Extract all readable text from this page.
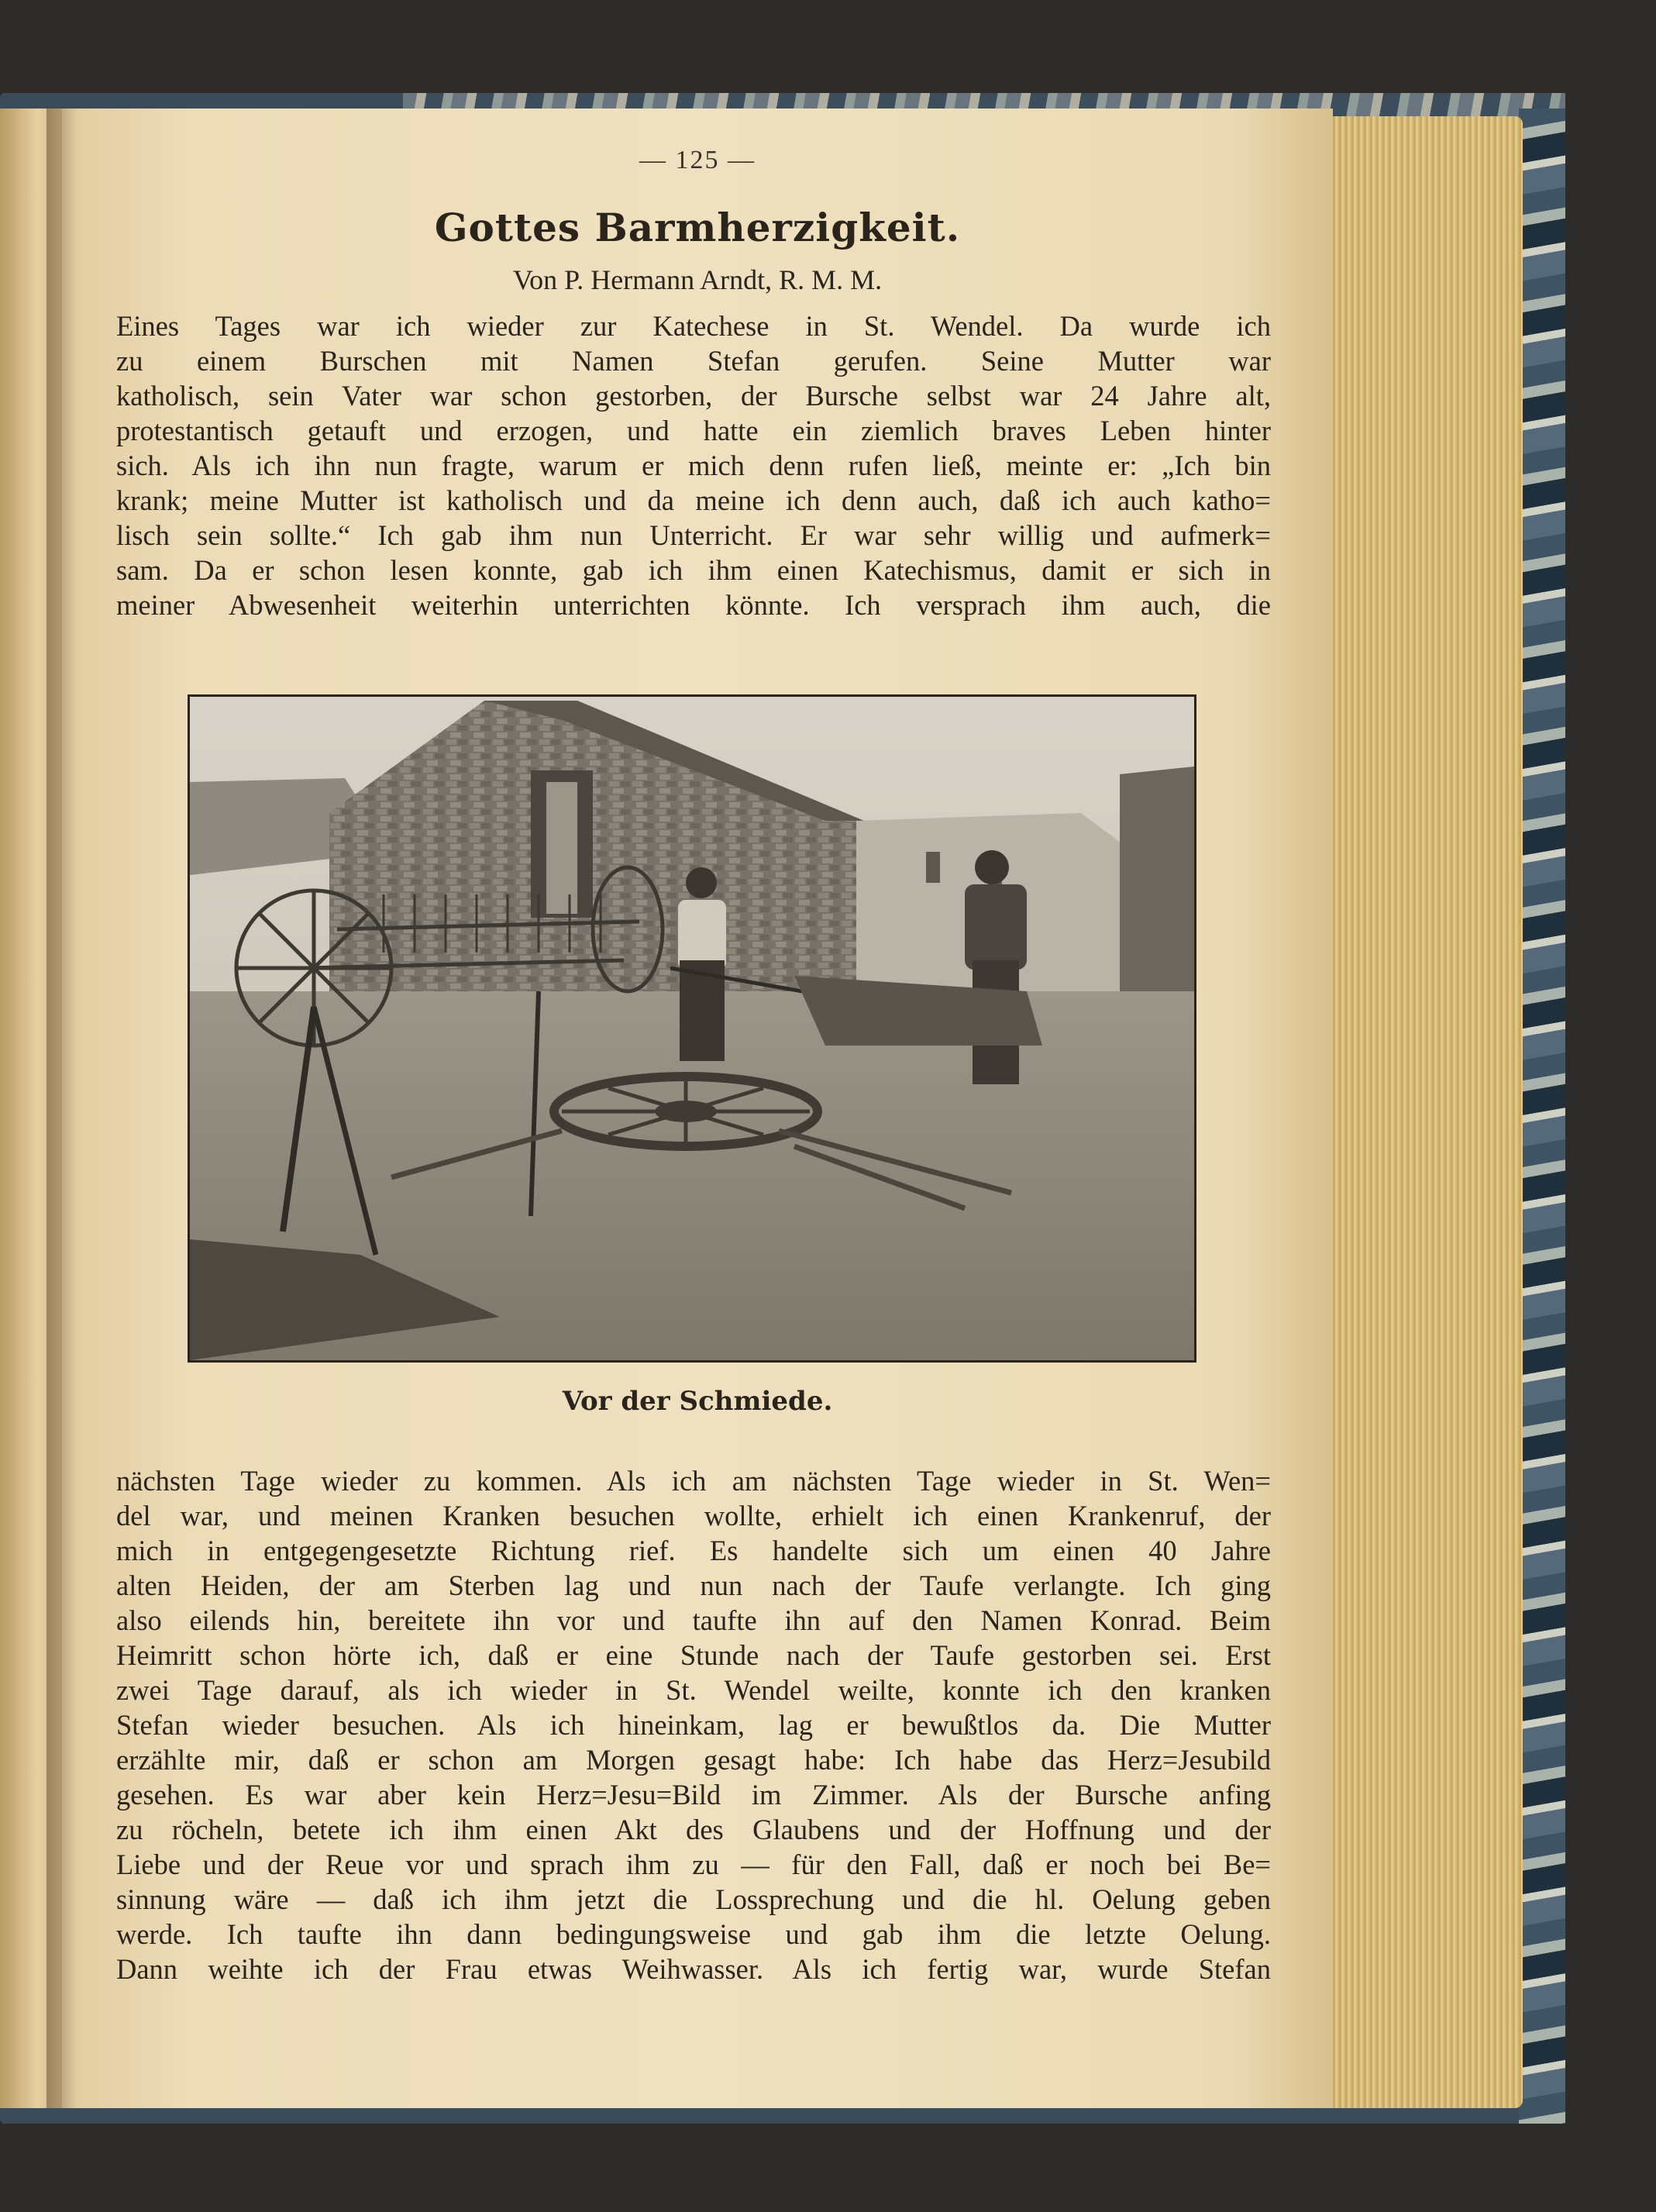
— 125 —
Gottes Barmherzigkeit.
Von P. Hermann Arndt, R. M. M.
Eines Tages war ich wieder zur Katechese in St. Wendel. Da wurde ich
zu einem Burschen mit Namen Stefan gerufen. Seine Mutter war
katholisch, sein Vater war schon gestorben, der Bursche selbst war 24 Jahre alt,
protestantisch getauft und erzogen, und hatte ein ziemlich braves Leben hinter
sich. Als ich ihn nun fragte, warum er mich denn rufen ließ, meinte er: „Ich bin
krank; meine Mutter ist katholisch und da meine ich denn auch, daß ich auch katho=
lisch sein sollte.“ Ich gab ihm nun Unterricht. Er war sehr willig und aufmerk=
sam. Da er schon lesen konnte, gab ich ihm einen Katechismus, damit er sich in
meiner Abwesenheit weiterhin unterrichten könnte. Ich versprach ihm auch, die
Vor der Schmiede.
nächsten Tage wieder zu kommen. Als ich am nächsten Tage wieder in St. Wen=
del war, und meinen Kranken besuchen wollte, erhielt ich einen Krankenruf, der
mich in entgegengesetzte Richtung rief. Es handelte sich um einen 40 Jahre
alten Heiden, der am Sterben lag und nun nach der Taufe verlangte. Ich ging
also eilends hin, bereitete ihn vor und taufte ihn auf den Namen Konrad. Beim
Heimritt schon hörte ich, daß er eine Stunde nach der Taufe gestorben sei. Erst
zwei Tage darauf, als ich wieder in St. Wendel weilte, konnte ich den kranken
Stefan wieder besuchen. Als ich hineinkam, lag er bewußtlos da. Die Mutter
erzählte mir, daß er schon am Morgen gesagt habe: Ich habe das Herz=Jesubild
gesehen. Es war aber kein Herz=Jesu=Bild im Zimmer. Als der Bursche anfing
zu röcheln, betete ich ihm einen Akt des Glaubens und der Hoffnung und der
Liebe und der Reue vor und sprach ihm zu — für den Fall, daß er noch bei Be=
sinnung wäre — daß ich ihm jetzt die Lossprechung und die hl. Oelung geben
werde. Ich taufte ihn dann bedingungsweise und gab ihm die letzte Oelung.
Dann weihte ich der Frau etwas Weihwasser. Als ich fertig war, wurde Stefan
